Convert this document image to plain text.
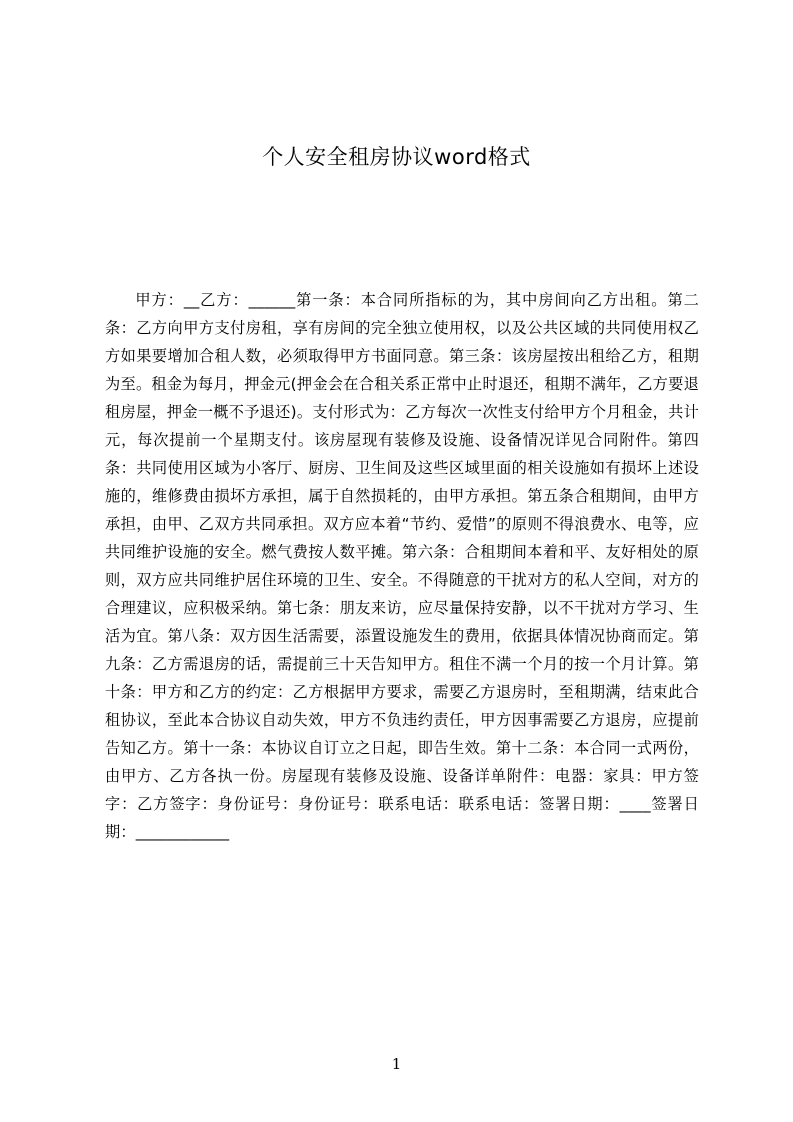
个人安全租房协议word格式

甲方：__乙方：______第一条：本合同所指标的为，其中房间向乙方出租。第二条：乙方向甲方支付房租，享有房间的完全独立使用权，以及公共区域的共同使用权乙方如果要增加合租人数，必须取得甲方书面同意。第三条：该房屋按出租给乙方，租期为至。租金为每月，押金元(押金会在合租关系正常中止时退还，租期不满年，乙方要退租房屋，押金一概不予退还)。支付形式为：乙方每次一次性支付给甲方个月租金，共计元，每次提前一个星期支付。该房屋现有装修及设施、设备情况详见合同附件。第四条：共同使用区域为小客厅、厨房、卫生间及这些区域里面的相关设施如有损坏上述设施的，维修费由损坏方承担，属于自然损耗的，由甲方承担。第五条合租期间，由甲方承担，由甲、乙双方共同承担。双方应本着“节约、爱惜”的原则不得浪费水、电等，应共同维护设施的安全。燃气费按人数平摊。第六条：合租期间本着和平、友好相处的原则，双方应共同维护居住环境的卫生、安全。不得随意的干扰对方的私人空间，对方的合理建议，应积极采纳。第七条：朋友来访，应尽量保持安静，以不干扰对方学习、生活为宜。第八条：双方因生活需要，添置设施发生的费用，依据具体情况协商而定。第九条：乙方需退房的话，需提前三十天告知甲方。租住不满一个月的按一个月计算。第十条：甲方和乙方的约定：乙方根据甲方要求，需要乙方退房时，至租期满，结束此合租协议，至此本合协议自动失效，甲方不负违约责任，甲方因事需要乙方退房，应提前告知乙方。第十一条：本协议自订立之日起，即告生效。第十二条：本合同一式两份，由甲方、乙方各执一份。房屋现有装修及设施、设备详单附件：电器：家具：甲方签字：乙方签字：身份证号：身份证号：联系电话：联系电话：签署日期：____签署日期：____________

1
